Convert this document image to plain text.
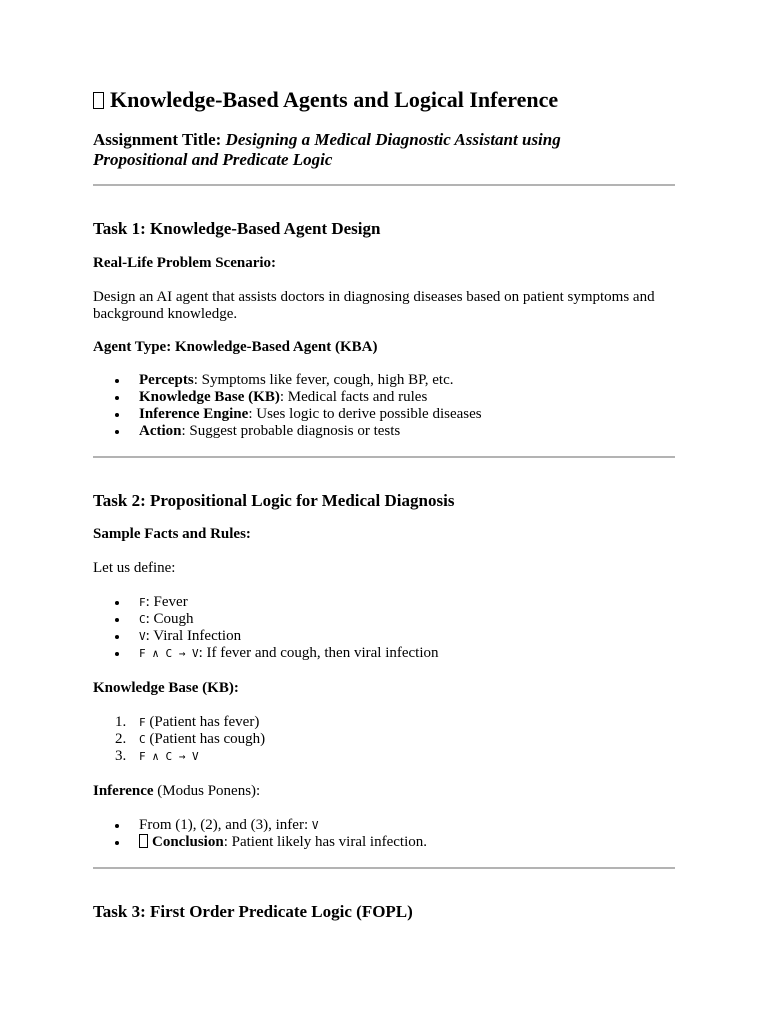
Knowledge-Based Agents and Logical Inference
Assignment Title: Designing a Medical Diagnostic Assistant using Propositional and Predicate Logic
Task 1: Knowledge-Based Agent Design
Real-Life Problem Scenario:
Design an AI agent that assists doctors in diagnosing diseases based on patient symptoms and background knowledge.
Agent Type: Knowledge-Based Agent (KBA)
Percepts: Symptoms like fever, cough, high BP, etc.
Knowledge Base (KB): Medical facts and rules
Inference Engine: Uses logic to derive possible diseases
Action: Suggest probable diagnosis or tests
Task 2: Propositional Logic for Medical Diagnosis
Sample Facts and Rules:
Let us define:
F: Fever
C: Cough
V: Viral Infection
F ∧ C → V: If fever and cough, then viral infection
Knowledge Base (KB):
1. F (Patient has fever)
2. C (Patient has cough)
3. F ∧ C → V
Inference (Modus Ponens):
From (1), (2), and (3), infer: V
Conclusion: Patient likely has viral infection.
Task 3: First Order Predicate Logic (FOPL)
